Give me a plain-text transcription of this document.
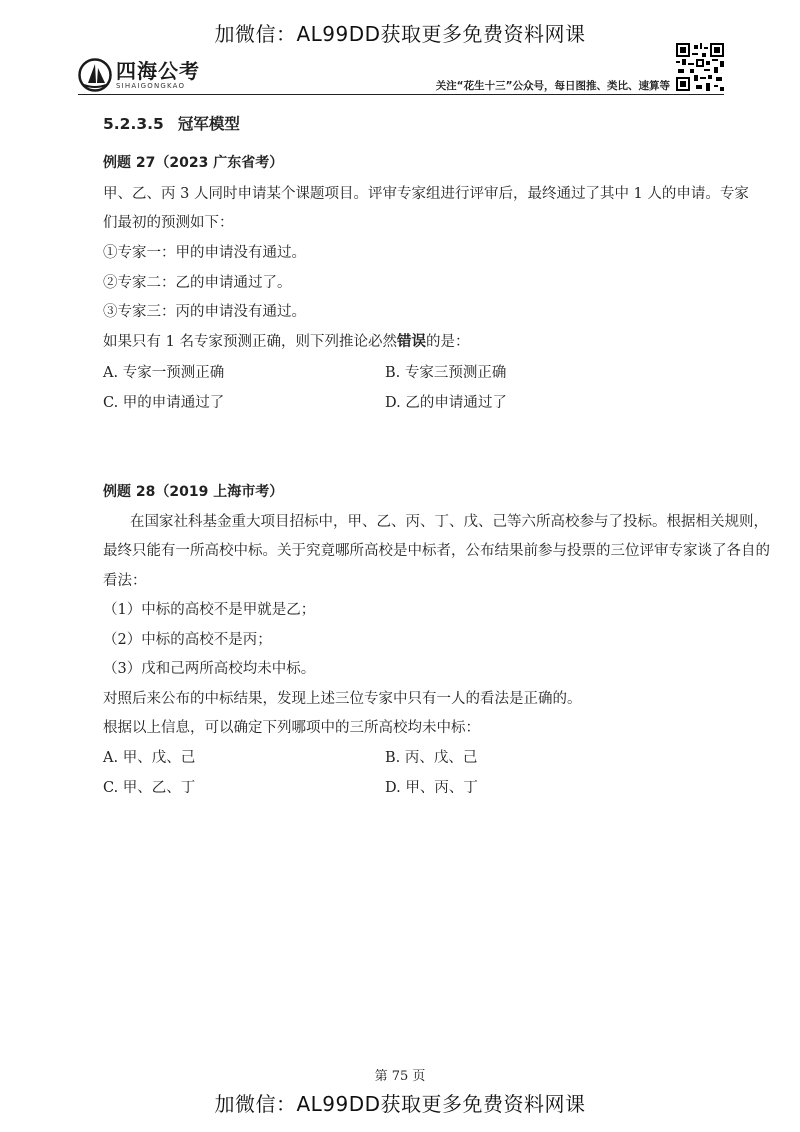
加微信：AL99DD获取更多免费资料网课
四海公考
SIHAIGONGKAO	关注“花生十三”公众号，每日图推、类比、速算等
5.2.3.5 冠军模型
例题 27（2023 广东省考）
甲、乙、丙 3 人同时申请某个课题项目。评审专家组进行评审后，最终通过了其中 1 人的申请。专家
们最初的预测如下：
①专家一：甲的申请没有通过。
②专家二：乙的申请通过了。
③专家三：丙的申请没有通过。
如果只有 1 名专家预测正确，则下列推论必然错误的是：
A. 专家一预测正确	B. 专家三预测正确
C. 甲的申请通过了	D. 乙的申请通过了
例题 28（2019 上海市考）
在国家社科基金重大项目招标中，甲、乙、丙、丁、戊、己等六所高校参与了投标。根据相关规则，
最终只能有一所高校中标。关于究竟哪所高校是中标者，公布结果前参与投票的三位评审专家谈了各自的
看法：
（1）中标的高校不是甲就是乙；
（2）中标的高校不是丙；
（3）戊和己两所高校均未中标。
对照后来公布的中标结果，发现上述三位专家中只有一人的看法是正确的。
根据以上信息，可以确定下列哪项中的三所高校均未中标：
A. 甲、戊、己	B. 丙、戊、己
C. 甲、乙、丁	D. 甲、丙、丁
第 75 页
加微信：AL99DD获取更多免费资料网课
